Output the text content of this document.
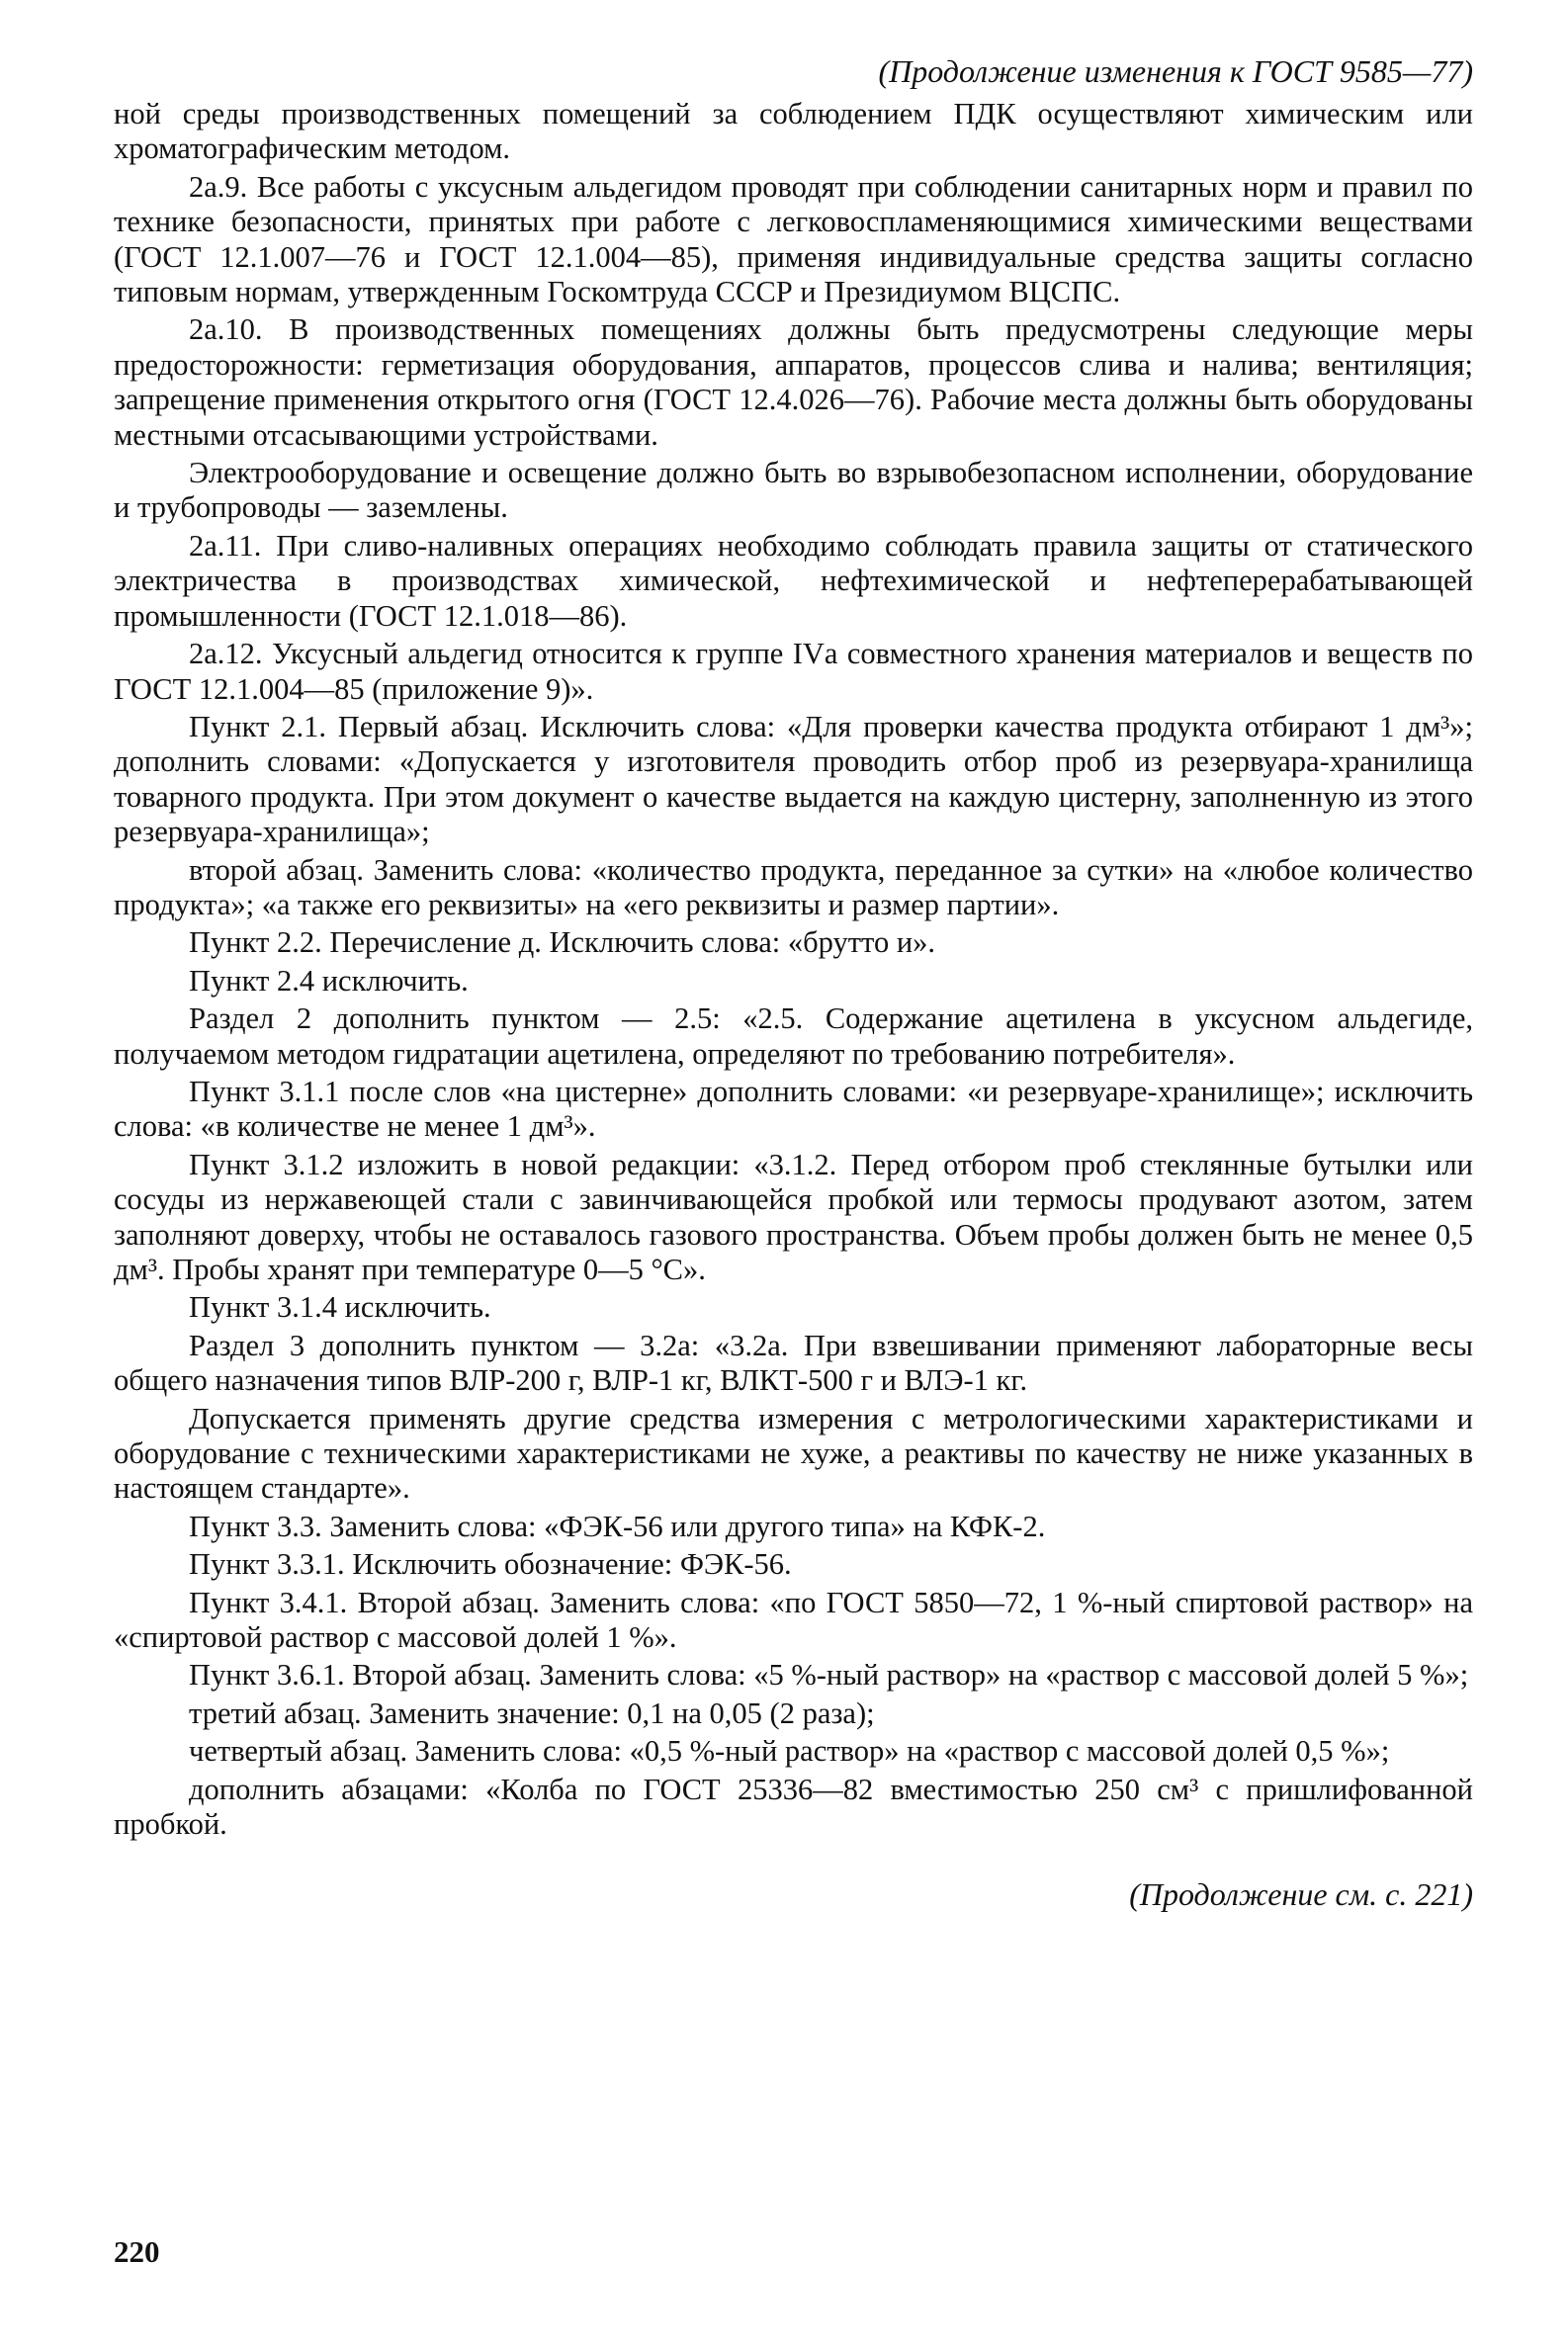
(Продолжение изменения к ГОСТ 9585—77)

ной среды производственных помещений за соблюдением ПДК осуществляют химическим или хроматографическим методом.

2а.9. Все работы с уксусным альдегидом проводят при соблюдении санитарных норм и правил по технике безопасности, принятых при работе с легковоспламеняющимися химическими веществами (ГОСТ 12.1.007—76 и ГОСТ 12.1.004—85), применяя индивидуальные средства защиты согласно типовым нормам, утвержденным Госкомтруда СССР и Президиумом ВЦСПС.

2а.10. В производственных помещениях должны быть предусмотрены следующие меры предосторожности: герметизация оборудования, аппаратов, процессов слива и налива; вентиляция; запрещение применения открытого огня (ГОСТ 12.4.026—76). Рабочие места должны быть оборудованы местными отсасывающими устройствами.

Электрооборудование и освещение должно быть во взрывобезопасном исполнении, оборудование и трубопроводы — заземлены.

2а.11. При сливо-наливных операциях необходимо соблюдать правила защиты от статического электричества в производствах химической, нефтехимической и нефтеперерабатывающей промышленности (ГОСТ 12.1.018—86).

2а.12. Уксусный альдегид относится к группе IVа совместного хранения материалов и веществ по ГОСТ 12.1.004—85 (приложение 9)».

Пункт 2.1. Первый абзац. Исключить слова: «Для проверки качества продукта отбирают 1 дм³»; дополнить словами: «Допускается у изготовителя проводить отбор проб из резервуара-хранилища товарного продукта. При этом документ о качестве выдается на каждую цистерну, заполненную из этого резервуара-хранилища»;

второй абзац. Заменить слова: «количество продукта, переданное за сутки» на «любое количество продукта»; «а также его реквизиты» на «его реквизиты и размер партии».

Пункт 2.2. Перечисление д. Исключить слова: «брутто и».

Пункт 2.4 исключить.

Раздел 2 дополнить пунктом — 2.5: «2.5. Содержание ацетилена в уксусном альдегиде, получаемом методом гидратации ацетилена, определяют по требованию потребителя».

Пункт 3.1.1 после слов «на цистерне» дополнить словами: «и резервуаре-хранилище»; исключить слова: «в количестве не менее 1 дм³».

Пункт 3.1.2 изложить в новой редакции: «3.1.2. Перед отбором проб стеклянные бутылки или сосуды из нержавеющей стали с завинчивающейся пробкой или термосы продувают азотом, затем заполняют доверху, чтобы не оставалось газового пространства. Объем пробы должен быть не менее 0,5 дм³. Пробы хранят при температуре 0—5 °С».

Пункт 3.1.4 исключить.

Раздел 3 дополнить пунктом — 3.2а: «3.2а. При взвешивании применяют лабораторные весы общего назначения типов ВЛР-200 г, ВЛР-1 кг, ВЛКТ-500 г и ВЛЭ-1 кг.

Допускается применять другие средства измерения с метрологическими характеристиками и оборудование с техническими характеристиками не хуже, а реактивы по качеству не ниже указанных в настоящем стандарте».

Пункт 3.3. Заменить слова: «ФЭК-56 или другого типа» на КФК-2.

Пункт 3.3.1. Исключить обозначение: ФЭК-56.

Пункт 3.4.1. Второй абзац. Заменить слова: «по ГОСТ 5850—72, 1 %-ный спиртовой раствор» на «спиртовой раствор с массовой долей 1 %».

Пункт 3.6.1. Второй абзац. Заменить слова: «5 %-ный раствор» на «раствор с массовой долей 5 %»;

третий абзац. Заменить значение: 0,1 на 0,05 (2 раза);

четвертый абзац. Заменить слова: «0,5 %-ный раствор» на «раствор с массовой долей 0,5 %»;

дополнить абзацами: «Колба по ГОСТ 25336—82 вместимостью 250 см³ с пришлифованной пробкой.

(Продолжение см. с. 221)
220
